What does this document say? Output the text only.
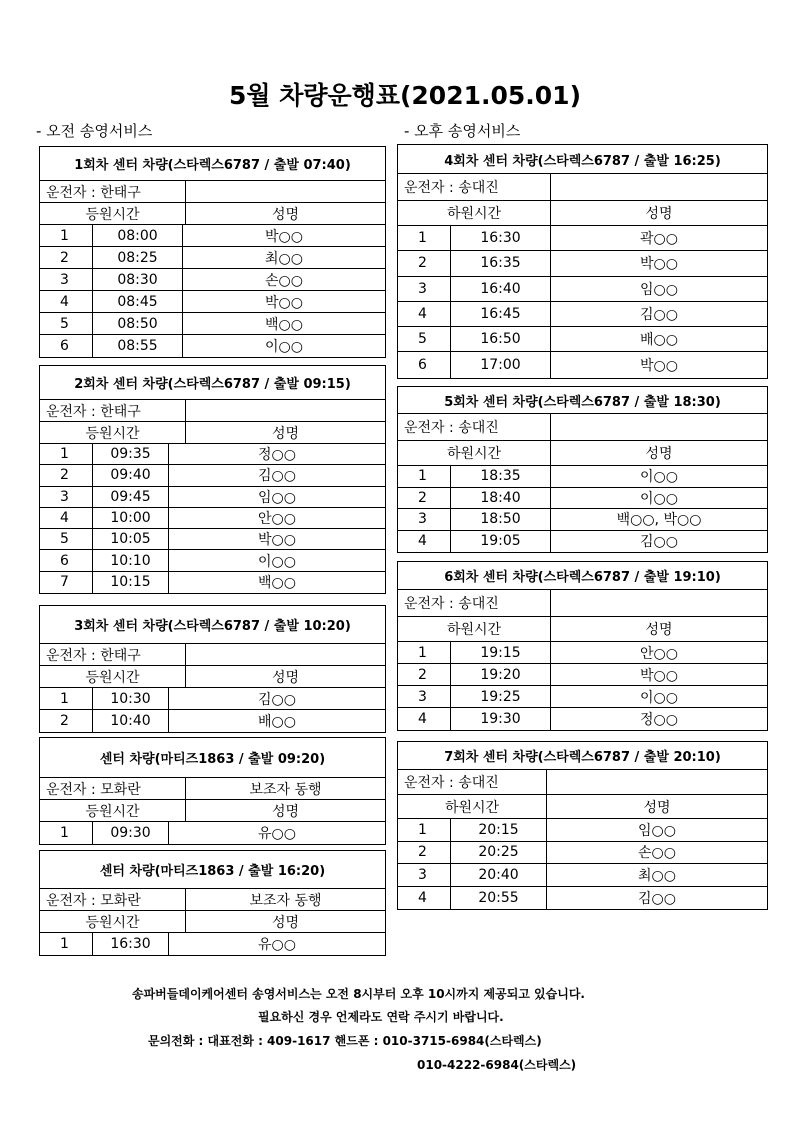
5월 차량운행표(2021.05.01)
- 오전 송영서비스	- 오후 송영서비스
1회차 센터 차량(스타렉스6787 / 출발 07:40)
운전자 : 한태구
등원시간	성명
1	08:00	박○○
2	08:25	최○○
3	08:30	손○○
4	08:45	박○○
5	08:50	백○○
6	08:55	이○○
2회차 센터 차량(스타렉스6787 / 출발 09:15)
운전자 : 한태구
등원시간	성명
1	09:35	정○○
2	09:40	김○○
3	09:45	임○○
4	10:00	안○○
5	10:05	박○○
6	10:10	이○○
7	10:15	백○○
3회차 센터 차량(스타렉스6787 / 출발 10:20)
운전자 : 한태구
등원시간	성명
1	10:30	김○○
2	10:40	배○○
센터 차량(마티즈1863 / 출발 09:20)
운전자 : 모화란	보조자 동행
등원시간	성명
1	09:30	유○○
센터 차량(마티즈1863 / 출발 16:20)
운전자 : 모화란	보조자 동행
등원시간	성명
1	16:30	유○○
4회차 센터 차량(스타렉스6787 / 출발 16:25)
운전자 : 송대진
하원시간	성명
1	16:30	곽○○
2	16:35	박○○
3	16:40	임○○
4	16:45	김○○
5	16:50	배○○
6	17:00	박○○
5회차 센터 차량(스타렉스6787 / 출발 18:30)
운전자 : 송대진
하원시간	성명
1	18:35	이○○
2	18:40	이○○
3	18:50	백○○, 박○○
4	19:05	김○○
6회차 센터 차량(스타렉스6787 / 출발 19:10)
운전자 : 송대진
하원시간	성명
1	19:15	안○○
2	19:20	박○○
3	19:25	이○○
4	19:30	정○○
7회차 센터 차량(스타렉스6787 / 출발 20:10)
운전자 : 송대진
하원시간	성명
1	20:15	임○○
2	20:25	손○○
3	20:40	최○○
4	20:55	김○○
송파버들데이케어센터 송영서비스는 오전 8시부터 오후 10시까지 제공되고 있습니다.
필요하신 경우 언제라도 연락 주시기 바랍니다.
문의전화 : 대표전화 : 409-1617 핸드폰 : 010-3715-6984(스타렉스)
010-4222-6984(스타렉스)
